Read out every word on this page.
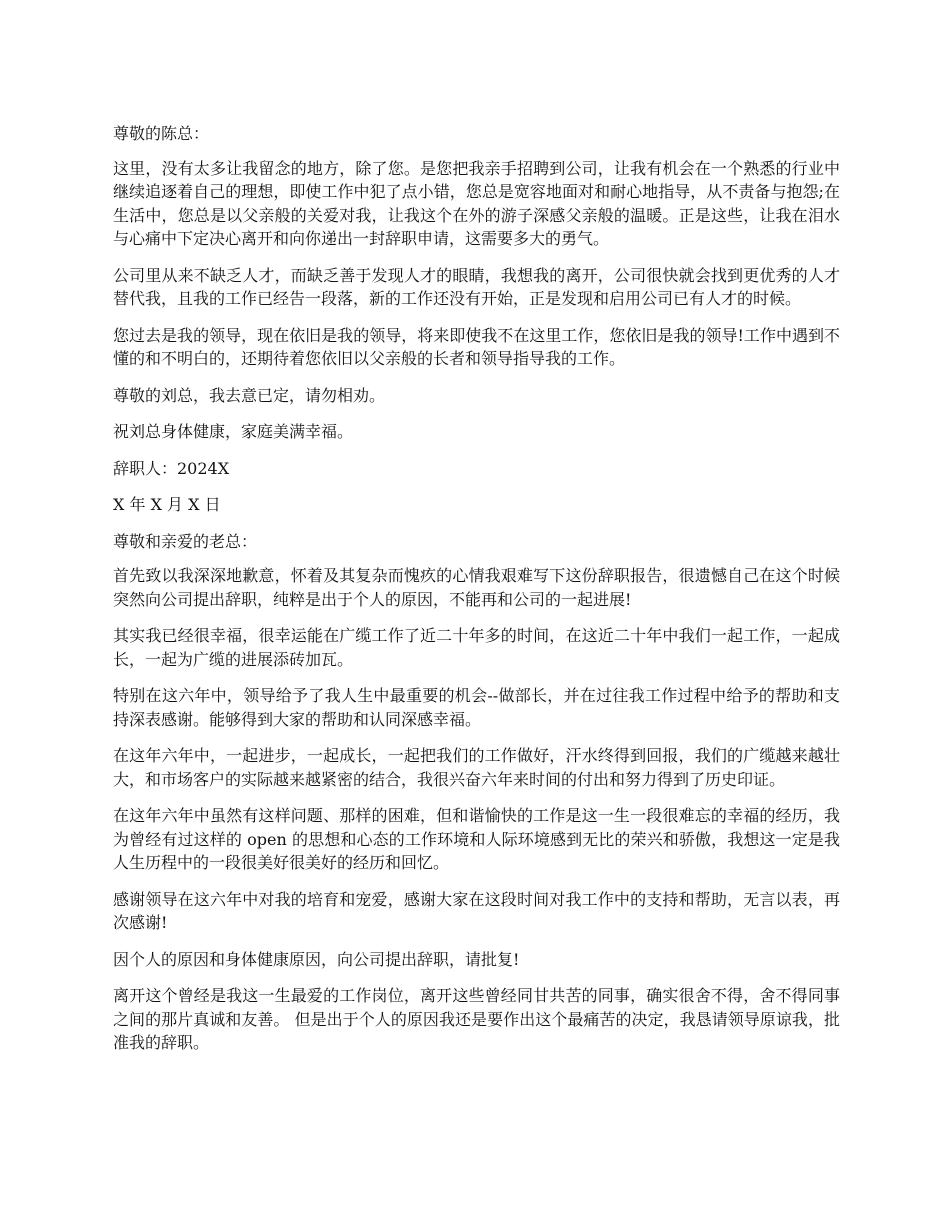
尊敬的陈总：

这里，没有太多让我留念的地方，除了您。是您把我亲手招聘到公司，让我有机会在一个熟悉的行业中继续追逐着自己的理想，即使工作中犯了点小错，您总是宽容地面对和耐心地指导，从不责备与抱怨;在生活中，您总是以父亲般的关爱对我，让我这个在外的游子深感父亲般的温暖。正是这些，让我在泪水与心痛中下定决心离开和向你递出一封辞职申请，这需要多大的勇气。

公司里从来不缺乏人才，而缺乏善于发现人才的眼睛，我想我的离开，公司很快就会找到更优秀的人才替代我，且我的工作已经告一段落，新的工作还没有开始，正是发现和启用公司已有人才的时候。

您过去是我的领导，现在依旧是我的领导，将来即使我不在这里工作，您依旧是我的领导!工作中遇到不懂的和不明白的，还期待着您依旧以父亲般的长者和领导指导我的工作。

尊敬的刘总，我去意已定，请勿相劝。

祝刘总身体健康，家庭美满幸福。

辞职人：2024X

X 年 X 月 X 日

尊敬和亲爱的老总：

首先致以我深深地歉意，怀着及其复杂而愧疚的心情我艰难写下这份辞职报告，很遗憾自己在这个时候突然向公司提出辞职，纯粹是出于个人的原因，不能再和公司的一起进展!

其实我已经很幸福，很幸运能在广缆工作了近二十年多的时间，在这近二十年中我们一起工作，一起成长，一起为广缆的进展添砖加瓦。

特别在这六年中，领导给予了我人生中最重要的机会--做部长，并在过往我工作过程中给予的帮助和支持深表感谢。能够得到大家的帮助和认同深感幸福。

在这年六年中，一起进步，一起成长，一起把我们的工作做好，汗水终得到回报，我们的广缆越来越壮大，和市场客户的实际越来越紧密的结合，我很兴奋六年来时间的付出和努力得到了历史印证。

在这年六年中虽然有这样问题、那样的困难，但和谐愉快的工作是这一生一段很难忘的幸福的经历，我为曾经有过这样的 open 的思想和心态的工作环境和人际环境感到无比的荣兴和骄傲，我想这一定是我人生历程中的一段很美好很美好的经历和回忆。

感谢领导在这六年中对我的培育和宠爱，感谢大家在这段时间对我工作中的支持和帮助，无言以表，再次感谢!

因个人的原因和身体健康原因，向公司提出辞职，请批复!

离开这个曾经是我这一生最爱的工作岗位，离开这些曾经同甘共苦的同事，确实很舍不得，舍不得同事之间的那片真诚和友善。 但是出于个人的原因我还是要作出这个最痛苦的决定，我恳请领导原谅我，批准我的辞职。
